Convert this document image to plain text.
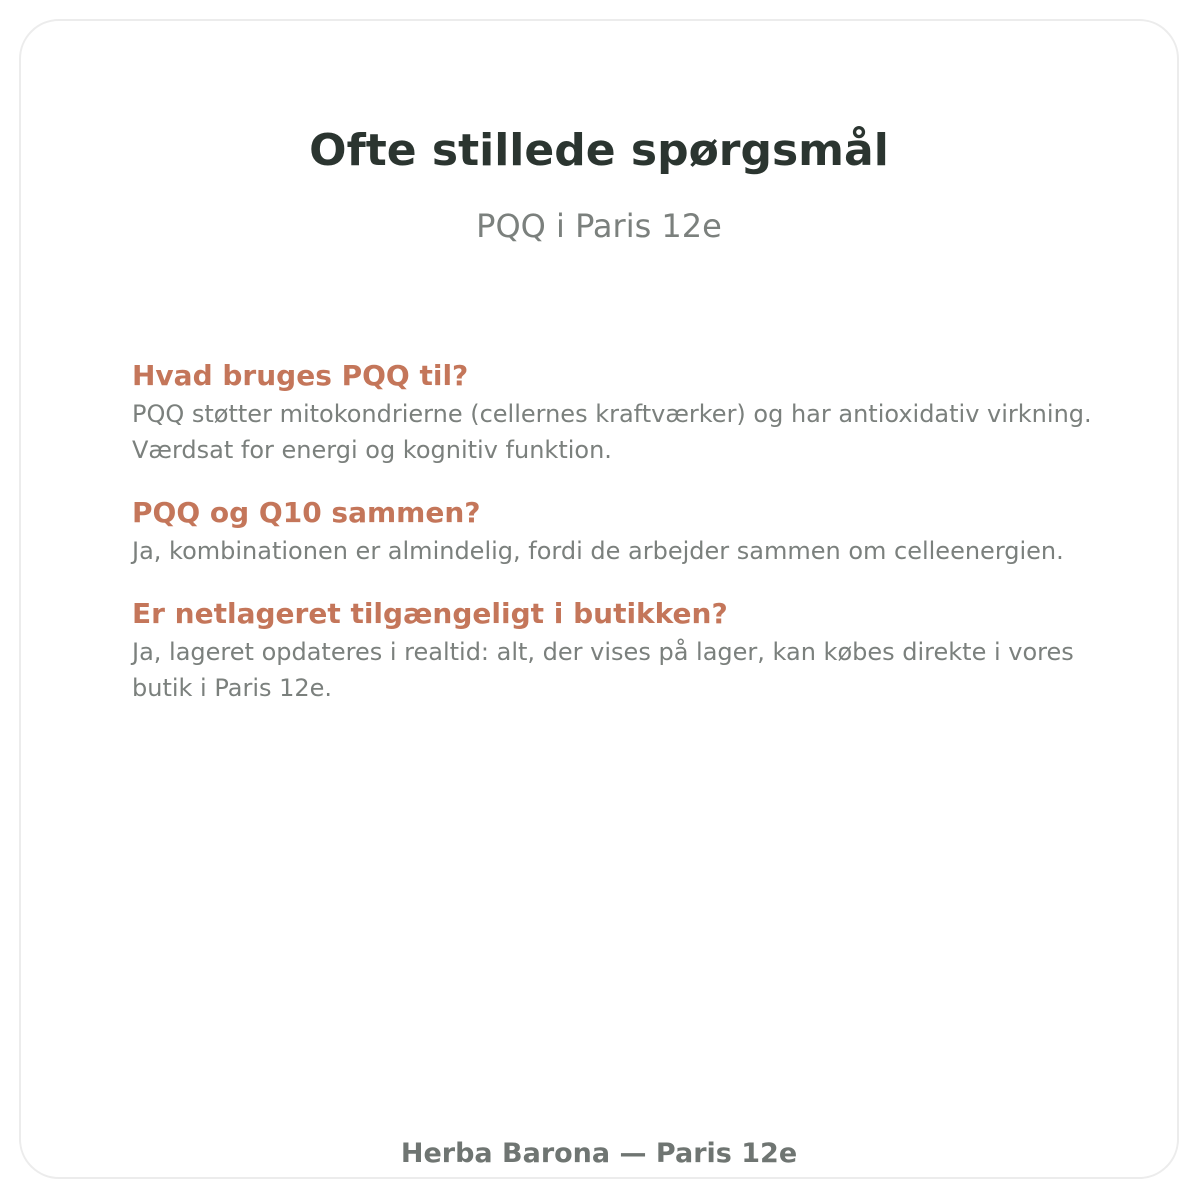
Ofte stillede spørgsmål

PQQ i Paris 12e

Hvad bruges PQQ til?

PQQ støtter mitokondrierne (cellernes kraftværker) og har antioxidativ virkning. Værdsat for energi og kognitiv funktion.

PQQ og Q10 sammen?

Ja, kombinationen er almindelig, fordi de arbejder sammen om celleenergien.

Er netlageret tilgængeligt i butikken?

Ja, lageret opdateres i realtid: alt, der vises på lager, kan købes direkte i vores butik i Paris 12e.

Herba Barona — Paris 12e
